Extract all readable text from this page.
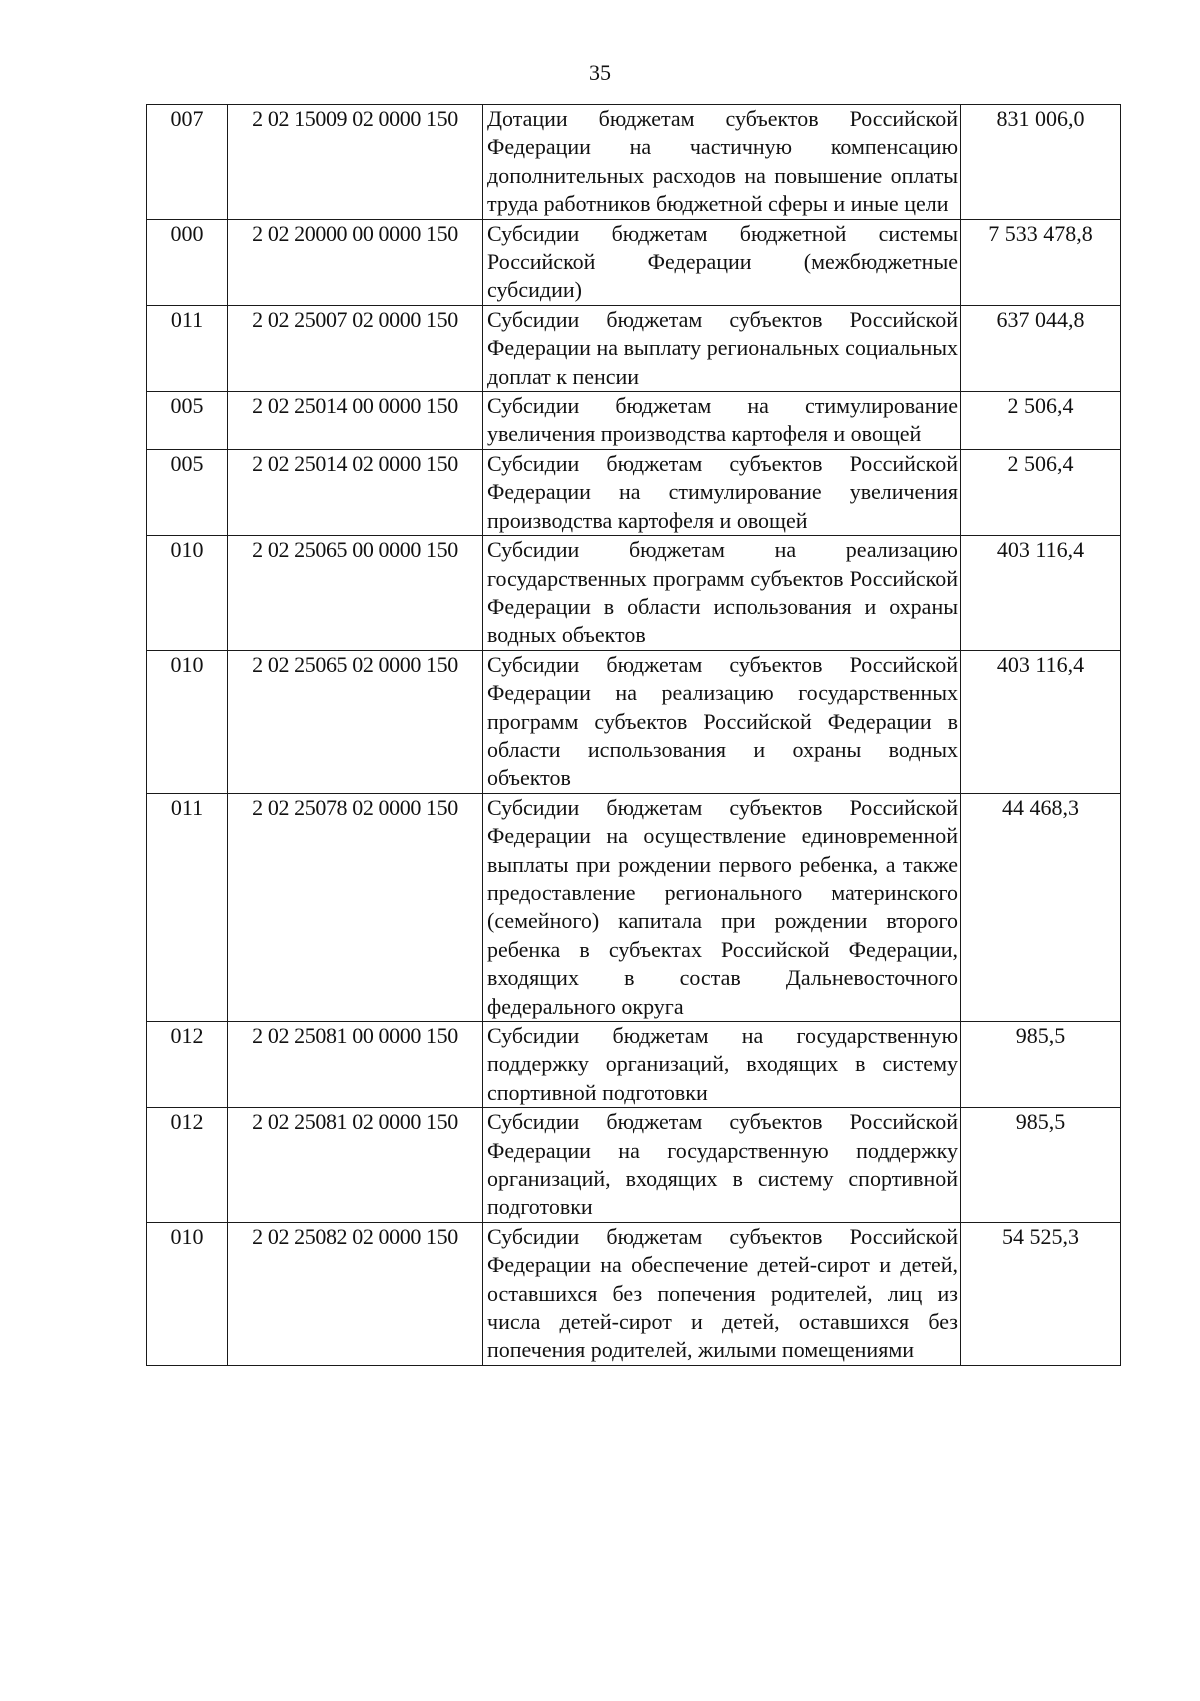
35
007	2 02 15009 02 0000 150	Дотации бюджетам субъектов Российской Федерации на частичную компенсацию дополнительных расходов на повышение оплаты труда работников бюджетной сферы и иные цели	831 006,0
000	2 02 20000 00 0000 150	Субсидии бюджетам бюджетной системы Российской Федерации (межбюджетные субсидии)	7 533 478,8
011	2 02 25007 02 0000 150	Субсидии бюджетам субъектов Российской Федерации на выплату региональных социальных доплат к пенсии	637 044,8
005	2 02 25014 00 0000 150	Субсидии бюджетам на стимулирование увеличения производства картофеля и овощей	2 506,4
005	2 02 25014 02 0000 150	Субсидии бюджетам субъектов Российской Федерации на стимулирование увеличения производства картофеля и овощей	2 506,4
010	2 02 25065 00 0000 150	Субсидии бюджетам на реализацию государственных программ субъектов Российской Федерации в области использования и охраны водных объектов	403 116,4
010	2 02 25065 02 0000 150	Субсидии бюджетам субъектов Российской Федерации на реализацию государственных программ субъектов Российской Федерации в области использования и охраны водных объектов	403 116,4
011	2 02 25078 02 0000 150	Субсидии бюджетам субъектов Российской Федерации на осуществление единовременной выплаты при рождении первого ребенка, а также предоставление регионального материнского (семейного) капитала при рождении второго ребенка в субъектах Российской Федерации, входящих в состав Дальневосточного федерального округа	44 468,3
012	2 02 25081 00 0000 150	Субсидии бюджетам на государственную поддержку организаций, входящих в систему спортивной подготовки	985,5
012	2 02 25081 02 0000 150	Субсидии бюджетам субъектов Российской Федерации на государственную поддержку организаций, входящих в систему спортивной подготовки	985,5
010	2 02 25082 02 0000 150	Субсидии бюджетам субъектов Российской Федерации на обеспечение детей-сирот и детей, оставшихся без попечения родителей, лиц из числа детей-сирот и детей, оставшихся без попечения родителей, жилыми помещениями	54 525,3
